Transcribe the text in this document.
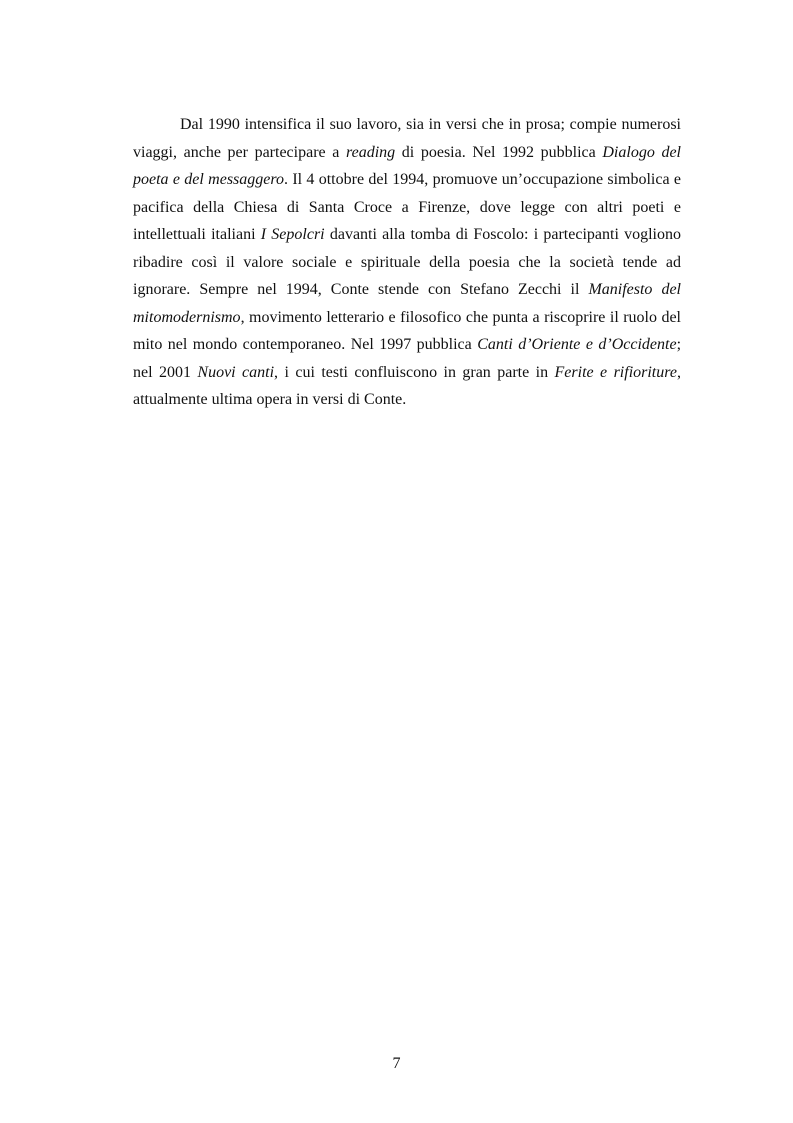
Dal 1990 intensifica il suo lavoro, sia in versi che in prosa; compie numerosi viaggi, anche per partecipare a reading di poesia. Nel 1992 pubblica Dialogo del poeta e del messaggero. Il 4 ottobre del 1994, promuove un’occupazione simbolica e pacifica della Chiesa di Santa Croce a Firenze, dove legge con altri poeti e intellettuali italiani I Sepolcri davanti alla tomba di Foscolo: i partecipanti vogliono ribadire così il valore sociale e spirituale della poesia che la società tende ad ignorare. Sempre nel 1994, Conte stende con Stefano Zecchi il Manifesto del mitomodernismo, movimento letterario e filosofico che punta a riscoprire il ruolo del mito nel mondo contemporaneo. Nel 1997 pubblica Canti d’Oriente e d’Occidente; nel 2001 Nuovi canti, i cui testi confluiscono in gran parte in Ferite e rifioriture, attualmente ultima opera in versi di Conte.

7
